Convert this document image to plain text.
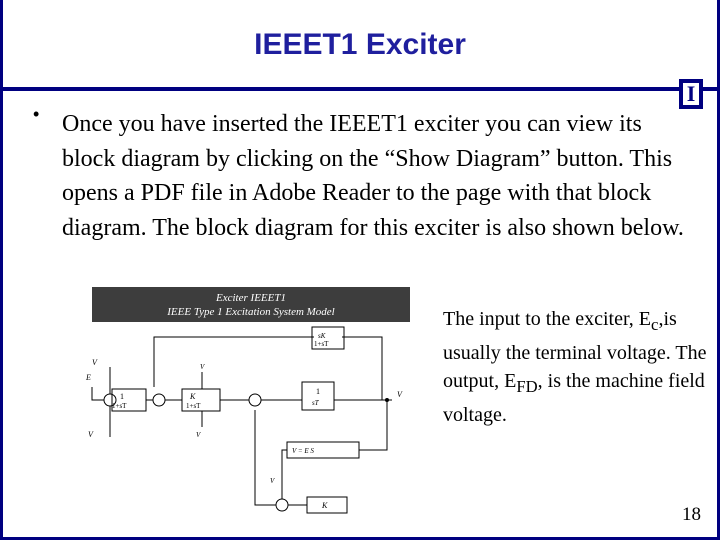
IEEET1 Exciter
I
• Once you have inserted the IEEET1 exciter you can view its block diagram by clicking on the “Show Diagram” button. This opens a PDF file in Adobe Reader to the page with that block diagram. The block diagram for this exciter is also shown below.
Exciter IEEET1
IEEE Type 1 Excitation System Model
1
1+sT
K
1+sT
1
sT
sK
1+sT
V = E S
K
E
V
V	V
V
V
V
The input to the exciter, $E_c,is$ usually the terminal voltage. The output, $E_{FD}$, is the machine field voltage.
18
